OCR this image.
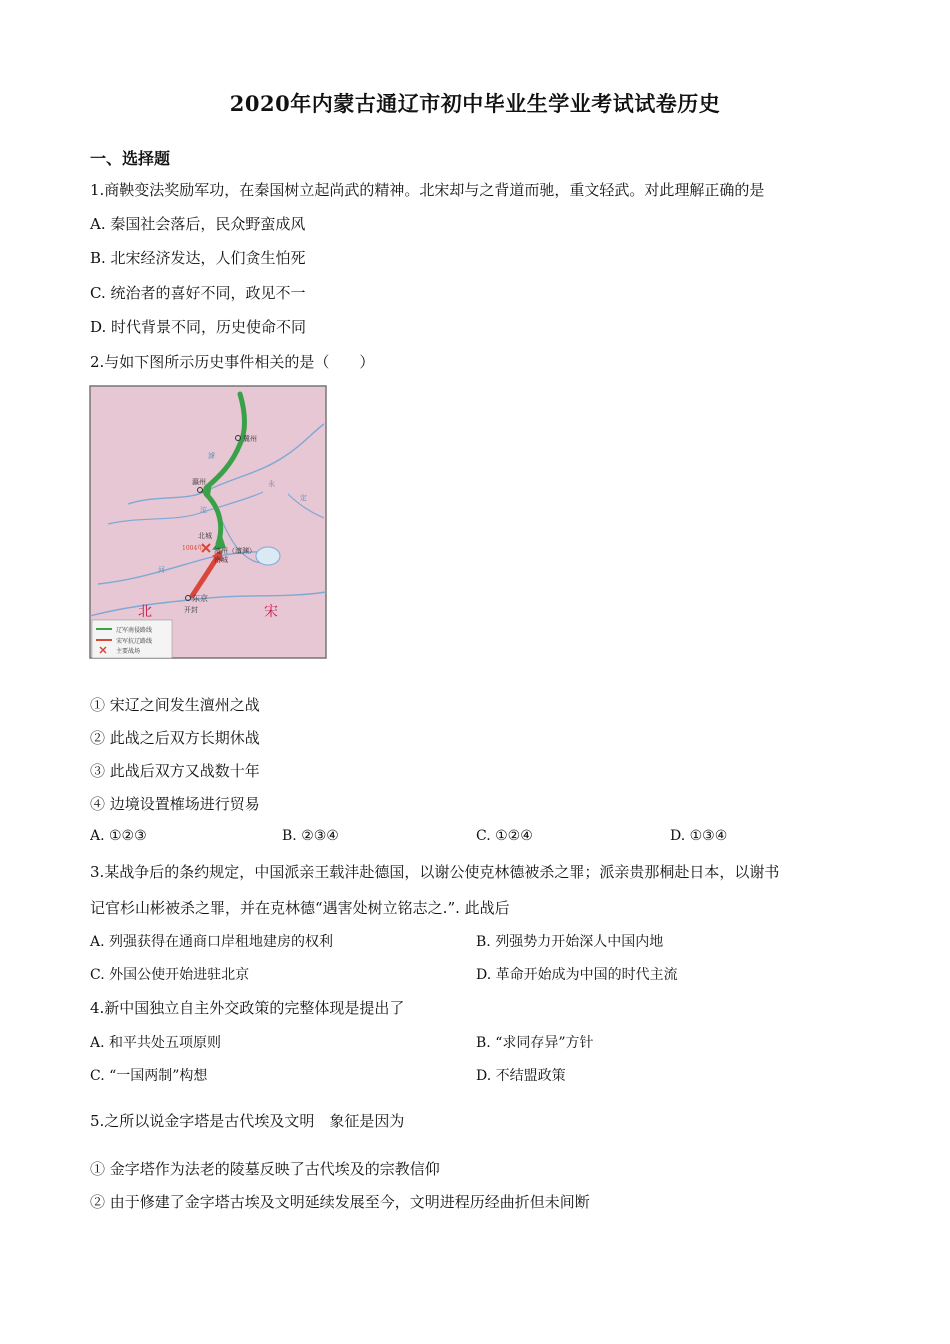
2020年内蒙古通辽市初中毕业生学业考试试卷历史
一、选择题
1.商鞅变法奖励军功，在秦国树立起尚武的精神。北宋却与之背道而驰，重文轻武。对此理解正确的是
A. 秦国社会落后，民众野蛮成风
B. 北宋经济发达，人们贪生怕死
C. 统治者的喜好不同，政见不一
D. 时代背景不同，历史使命不同
2.与如下图所示历史事件相关的是（　　）
冀州
瀛州
北城
南城
澶州（澶渊）
东京
开封
1004年
滹
沱
永
定
河
北	宋
辽军南侵路线
宋军抗辽路线
主要战场
① 宋辽之间发生澶州之战
② 此战之后双方长期休战
③ 此战后双方又战数十年
④ 边境设置榷场进行贸易
A. ①②③	B. ②③④	C. ①②④	D. ①③④
3.某战争后的条约规定，中国派亲王载沣赴德国，以谢公使克林德被杀之罪；派亲贵那桐赴日本，以谢书
记官杉山彬被杀之罪，并在克林德“遇害处树立铭志之.”. 此战后
A. 列强获得在通商口岸租地建房的权利	B. 列强势力开始深人中国内地
C. 外国公使开始进驻北京	D. 革命开始成为中国的时代主流
4.新中国独立自主外交政策的完整体现是提出了
A. 和平共处五项原则	B. “求同存异”方针
C. “一国两制”构想	D. 不结盟政策
5.之所以说金字塔是古代埃及文明　象征是因为
① 金字塔作为法老的陵墓反映了古代埃及的宗教信仰
② 由于修建了金字塔古埃及文明延续发展至今，文明进程历经曲折但未间断
